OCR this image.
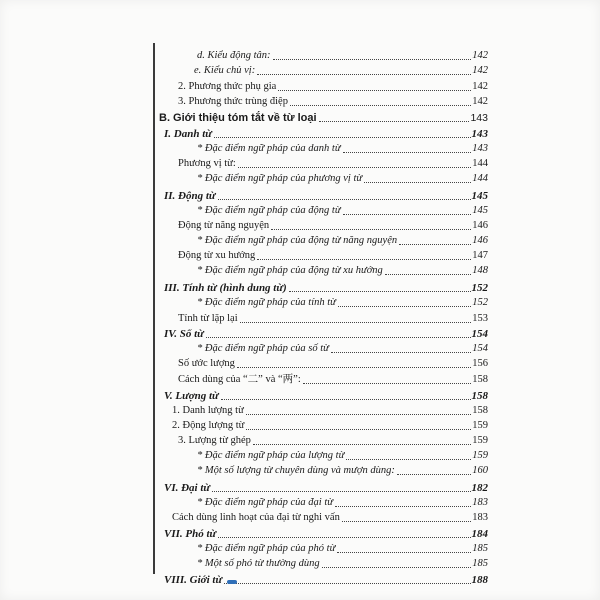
d. Kiểu động tân:	142
e. Kiểu chủ vị:	142
2. Phương thức phụ gia	142
3. Phương thức trùng điệp	142
B. Giới thiệu tóm tắt về từ loại	143
I. Danh từ	143
* Đặc điểm ngữ pháp của danh từ	143
Phương vị từ:	144
* Đặc điểm ngữ pháp của phương vị từ	144
II. Động từ	145
* Đặc điểm ngữ pháp của động từ	145
Động từ năng nguyện	146
* Đặc điểm ngữ pháp của động từ năng nguyện	146
Động từ xu hướng	147
* Đặc điểm ngữ pháp của động từ xu hướng	148
III. Tính từ (hình dung từ)	152
* Đặc điểm ngữ pháp của tính từ	152
Tính từ lặp lại	153
IV. Số từ	154
* Đặc điểm ngữ pháp của số từ	154
Số ước lượng	156
Cách dùng của “二” và “两”:	158
V. Lượng từ	158
1. Danh lượng từ	158
2. Động lượng từ	159
3. Lượng từ ghép	159
* Đặc điểm ngữ pháp của lượng từ	159
* Một số lượng từ chuyên dùng và mượn dùng:	160
VI. Đại từ	182
* Đặc điểm ngữ pháp của đại từ	183
Cách dùng linh hoạt của đại từ nghi vấn	183
VII. Phó từ	184
* Đặc điểm ngữ pháp của phó từ	185
* Một số phó từ thường dùng	185
VIII. Giới từ	188
